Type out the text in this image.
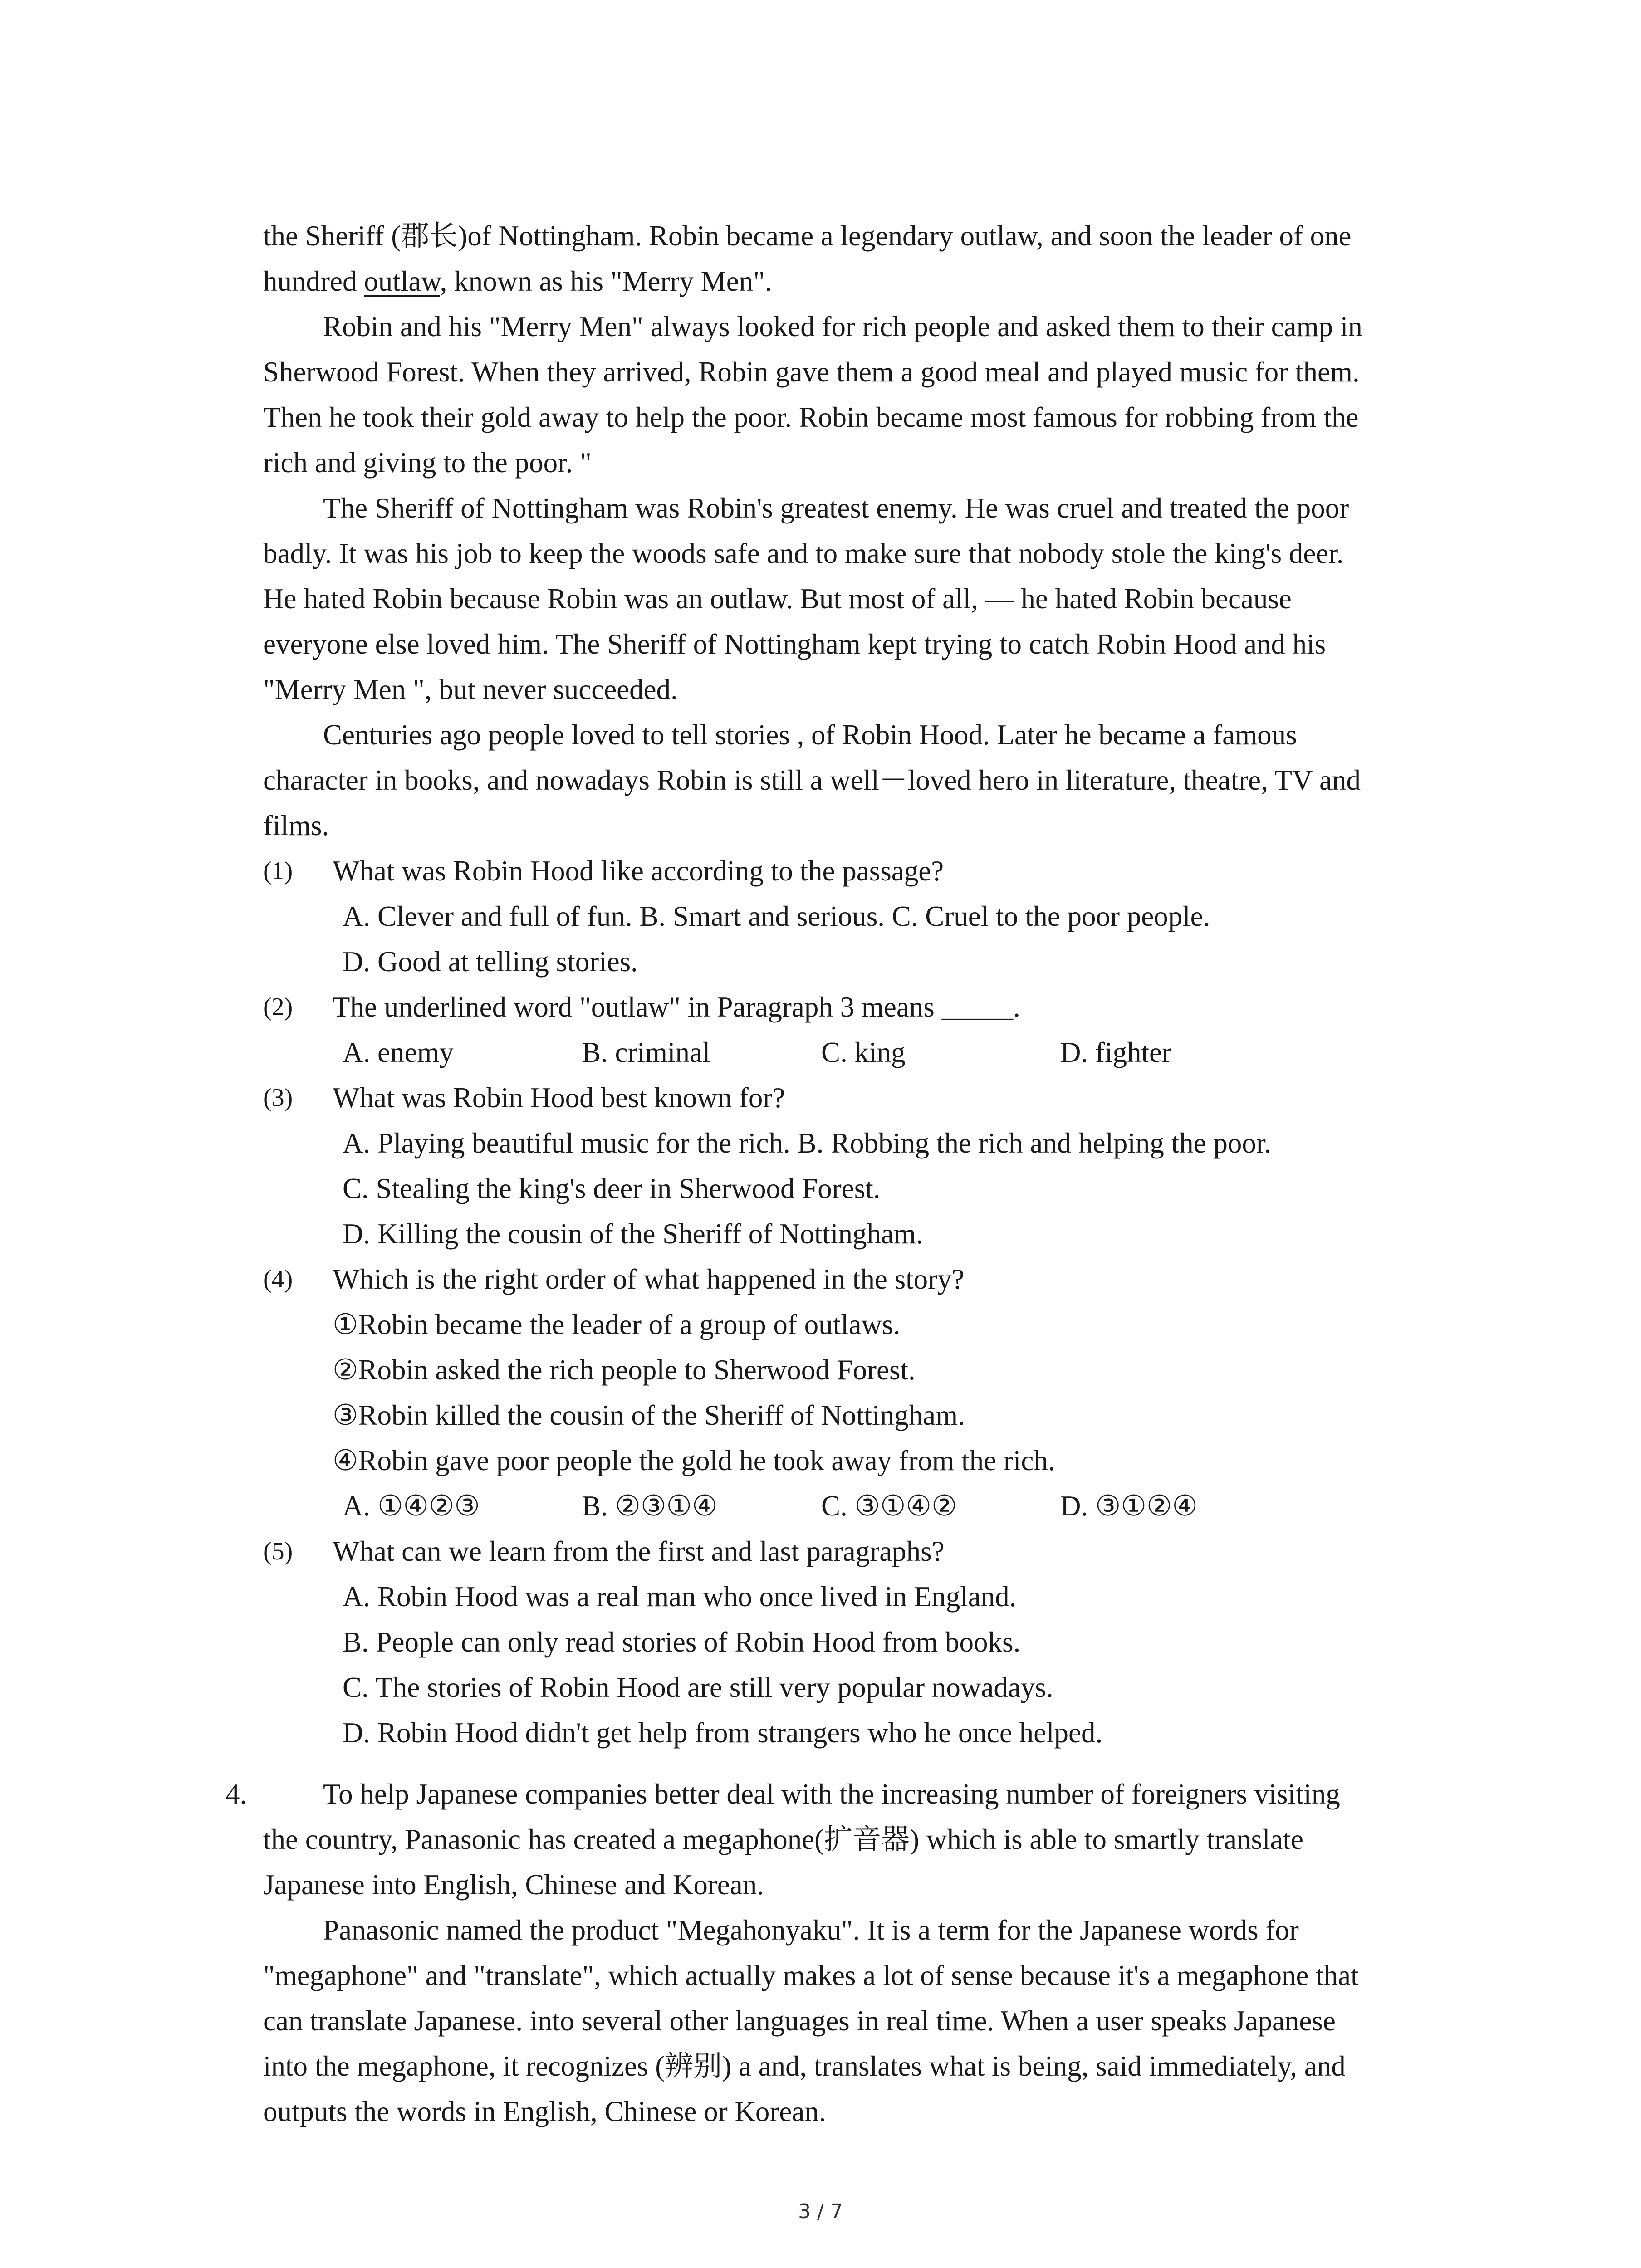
the Sheriff (郡长)of Nottingham. Robin became a legendary outlaw, and soon the leader of one
hundred outlaw, known as his "Merry Men".
Robin and his "Merry Men" always looked for rich people and asked them to their camp in
Sherwood Forest. When they arrived, Robin gave them a good meal and played music for them.
Then he took their gold away to help the poor. Robin became most famous for robbing from the
rich and giving to the poor. "
The Sheriff of Nottingham was Robin's greatest enemy. He was cruel and treated the poor
badly. It was his job to keep the woods safe and to make sure that nobody stole the king's deer.
He hated Robin because Robin was an outlaw. But most of all, — he hated Robin because
everyone else loved him. The Sheriff of Nottingham kept trying to catch Robin Hood and his
"Merry Men ", but never succeeded.
Centuries ago people loved to tell stories , of Robin Hood. Later he became a famous
character in books, and nowadays Robin is still a well－loved hero in literature, theatre, TV and
films.
(1) What was Robin Hood like according to the passage?
A. Clever and full of fun. B. Smart and serious. C. Cruel to the poor people.
D. Good at telling stories.
(2) The underlined word "outlaw" in Paragraph 3 means _____.
A. enemy	B. criminal	C. king	D. fighter
(3) What was Robin Hood best known for?
A. Playing beautiful music for the rich. B. Robbing the rich and helping the poor.
C. Stealing the king's deer in Sherwood Forest.
D. Killing the cousin of the Sheriff of Nottingham.
(4) Which is the right order of what happened in the story?
①Robin became the leader of a group of outlaws.
②Robin asked the rich people to Sherwood Forest.
③Robin killed the cousin of the Sheriff of Nottingham.
④Robin gave poor people the gold he took away from the rich.
A. ①④②③	B. ②③①④	C. ③①④②	D. ③①②④
(5) What can we learn from the first and last paragraphs?
A. Robin Hood was a real man who once lived in England.
B. People can only read stories of Robin Hood from books.
C. The stories of Robin Hood are still very popular nowadays.
D. Robin Hood didn't get help from strangers who he once helped.
4.	To help Japanese companies better deal with the increasing number of foreigners visiting
the country, Panasonic has created a megaphone(扩音器) which is able to smartly translate
Japanese into English, Chinese and Korean.
Panasonic named the product "Megahonyaku". It is a term for the Japanese words for
"megaphone" and "translate", which actually makes a lot of sense because it's a megaphone that
can translate Japanese. into several other languages in real time. When a user speaks Japanese
into the megaphone, it recognizes (辨别) a and, translates what is being, said immediately, and
outputs the words in English, Chinese or Korean.
3 / 7
